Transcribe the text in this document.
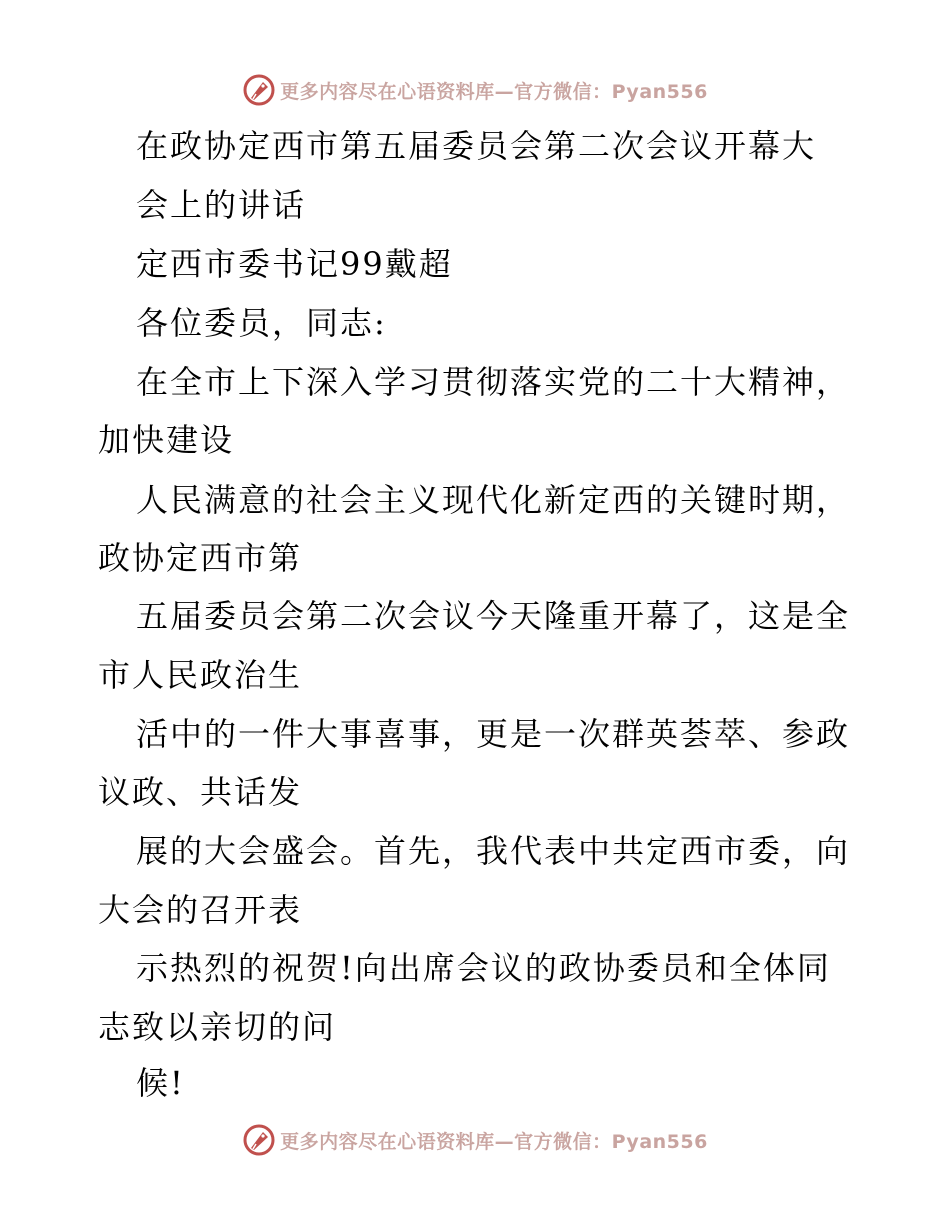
更多内容尽在心语资料库—官方微信：Pyan556
在政协定西市第五届委员会第二次会议开幕大
会上的讲话
定西市委书记99戴超
各位委员，同志:
在全市上下深入学习贯彻落实党的二十大精神，
加快建设
人民满意的社会主义现代化新定西的关键时期，
政协定西市第
五届委员会第二次会议今天隆重开幕了，这是全
市人民政治生
活中的一件大事喜事，更是一次群英荟萃、参政
议政、共话发
展的大会盛会。首先，我代表中共定西市委，向
大会的召开表
示热烈的祝贺!向出席会议的政协委员和全体同
志致以亲切的问
候!
更多内容尽在心语资料库—官方微信：Pyan556
